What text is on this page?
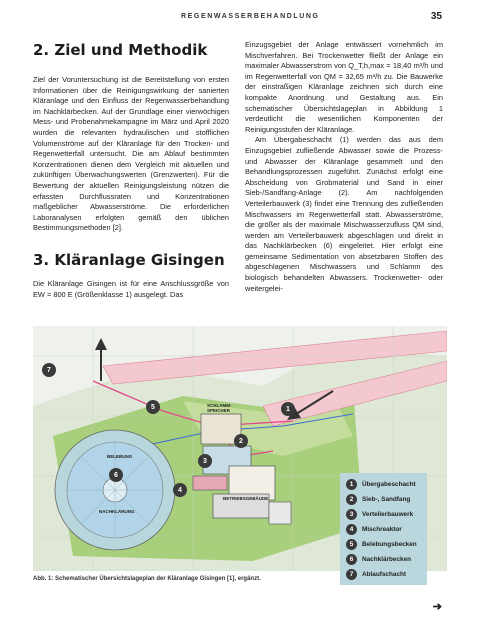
REGENWASSERBEHANDLUNG	35
2. Ziel und Methodik

Ziel der Voruntersuchung ist die Bereitstellung von ersten Informationen über die Reinigungswirkung der sanierten Kläranlage und den Einfluss der Regenwasserbehandlung im Nachklärbecken. Auf der Grundlage einer vierwöchigen Mess- und Probenahmekampagne im März und April 2020 wurden die relevanten hydraulischen und stofflichen Volumenströme auf der Kläranlage für den Trocken- und Regenwetterfall untersucht. Die am Ablauf bestimmten Konzentrationen dienen dem Vergleich mit aktuellen und zukünftigen Überwachungswerten (Grenzwerten). Für die Bewertung der aktuellen Reinigungsleistung nützen die erfassten Durchflussraten und Konzentrationen maßgeblicher Abwasserströme. Die erforderlichen Laboranalysen erfolgten gemäß den üblichen Bestimmungsmethoden [2].

3. Kläranlage Gisingen

Die Kläranlage Gisingen ist für eine Anschlussgröße von EW = 800 E (Größenklasse 1) ausgelegt. Das

Einzugsgebiet der Anlage entwässert vornehmlich im Mischverfahren. Bei Trockenwetter fließt der Anlage ein maximaler Abwasserstrom von Q_T,h,max = 18,40 m³/h und im Regenwetterfall von QM = 32,65 m³/h zu. Die Bauwerke der einstraßigen Kläranlage zeichnen sich durch eine kompakte Anordnung und Gestaltung aus. Ein schematischer Übersichtslageplan in Abbildung 1 verdeutlicht die wesentlichen Komponenten der Reinigungsstufen der Kläranlage.

Am Übergabeschacht (1) werden das aus dem Einzugsgebiet zufließende Abwasser sowie die Prozess- und Abwasser der Kläranlage gesammelt und den Behandlungsprozessen zugeführt. Zunächst erfolgt eine Abscheidung von Grobmaterial und Sand in einer Sieb-/Sandfang-Anlage (2). Am nachfolgenden Verteilerbauwerk (3) findet eine Trennung des zufließenden Mischwassers im Regenwetterfall statt. Abwasserströme, die größer als der maximale Mischwasserzufluss QM sind, werden am Verteilerbauwerk abgeschlagen und direkt in das Nachklärbecken (6) eingeleitet. Hier erfolgt eine gemeinsame Sedimentation von absetzbaren Stoffen des abgeschlagenen Mischwassers und Schlamm des biologisch behandelten Abwassers. Trockenwetter- oder weitergelei-

SCHLAMM-
SPEICHER
BELEBUNG
NACHKLÄRUNG
BETRIEBSGEBÄUDE
1
2
3
4
5
6
7
1	Übergabeschacht
2	Sieb-, Sandfang
3	Verteilerbauwerk
4	Mischreaktor
5	Belebungsbecken
6	Nachklärbecken
7	Ablaufschacht
Abb. 1: Schematischer Übersichtslageplan der Kläranlage Gisingen [1], ergänzt.
➔
